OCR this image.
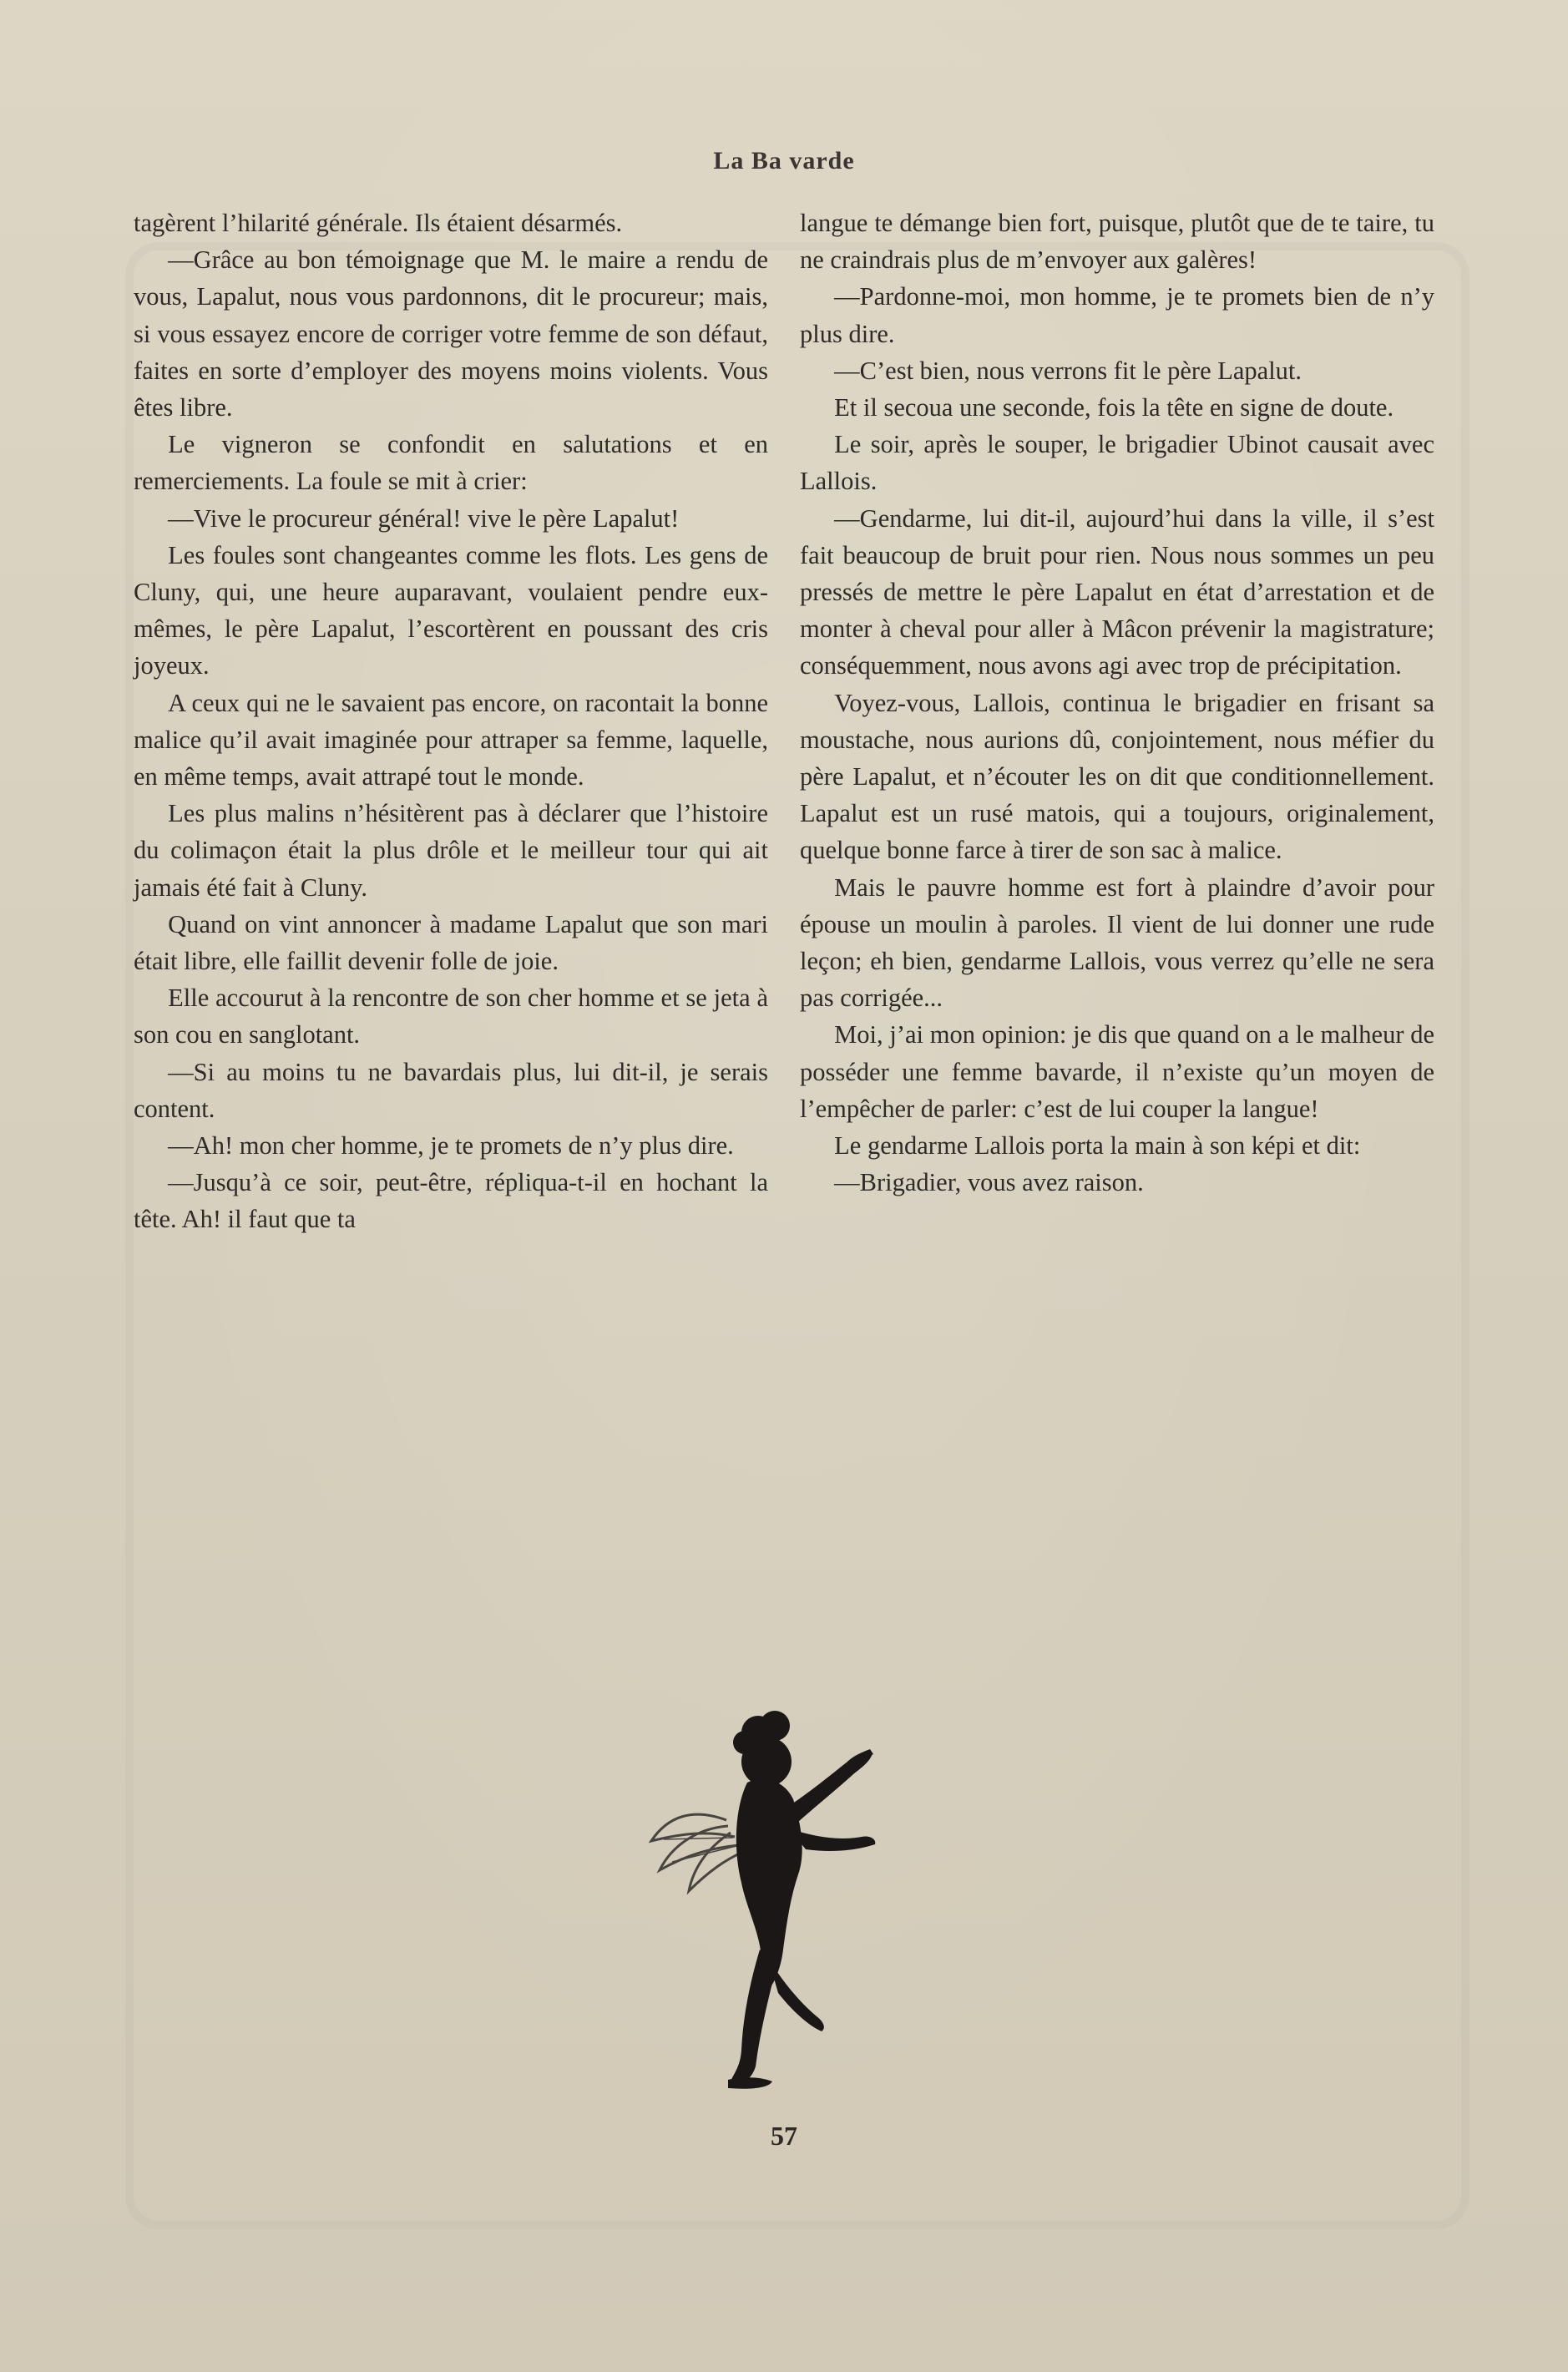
La Ba varde

tagèrent l’hilarité générale. Ils étaient désarmés.

—Grâce au bon témoignage que M. le maire a rendu de vous, Lapalut, nous vous pardonnons, dit le procureur; mais, si vous essayez encore de corriger votre femme de son défaut, faites en sorte d’employer des moyens moins violents. Vous êtes libre.

Le vigneron se confondit en salutations et en remerciements. La foule se mit à crier:

—Vive le procureur général! vive le père Lapalut!

Les foules sont changeantes comme les flots. Les gens de Cluny, qui, une heure auparavant, voulaient pendre eux-mêmes, le père Lapalut, l’escortèrent en poussant des cris joyeux.

A ceux qui ne le savaient pas encore, on racontait la bonne malice qu’il avait imaginée pour attraper sa femme, laquelle, en même temps, avait attrapé tout le monde.

Les plus malins n’hésitèrent pas à déclarer que l’histoire du colimaçon était la plus drôle et le meilleur tour qui ait jamais été fait à Cluny.

Quand on vint annoncer à madame Lapalut que son mari était libre, elle faillit devenir folle de joie.

Elle accourut à la rencontre de son cher homme et se jeta à son cou en sanglotant.

—Si au moins tu ne bavardais plus, lui dit-il, je serais content.

—Ah! mon cher homme, je te promets de n’y plus dire.

—Jusqu’à ce soir, peut-être, répliqua-t-il en hochant la tête. Ah! il faut que ta

langue te démange bien fort, puisque, plutôt que de te taire, tu ne craindrais plus de m’envoyer aux galères!

—Pardonne-moi, mon homme, je te promets bien de n’y plus dire.

—C’est bien, nous verrons fit le père Lapalut.

Et il secoua une seconde, fois la tête en signe de doute.

Le soir, après le souper, le brigadier Ubinot causait avec Lallois.

—Gendarme, lui dit-il, aujourd’hui dans la ville, il s’est fait beaucoup de bruit pour rien. Nous nous sommes un peu pressés de mettre le père Lapalut en état d’arrestation et de monter à cheval pour aller à Mâcon prévenir la magistrature; conséquemment, nous avons agi avec trop de précipitation.

Voyez-vous, Lallois, continua le brigadier en frisant sa moustache, nous aurions dû, conjointement, nous méfier du père Lapalut, et n’écouter les on dit que conditionnellement. Lapalut est un rusé matois, qui a toujours, originalement, quelque bonne farce à tirer de son sac à malice.

Mais le pauvre homme est fort à plaindre d’avoir pour épouse un moulin à paroles. Il vient de lui donner une rude leçon; eh bien, gendarme Lallois, vous verrez qu’elle ne sera pas corrigée...

Moi, j’ai mon opinion: je dis que quand on a le malheur de posséder une femme bavarde, il n’existe qu’un moyen de l’empêcher de parler: c’est de lui couper la langue!

Le gendarme Lallois porta la main à son képi et dit:

—Brigadier, vous avez raison.

57
